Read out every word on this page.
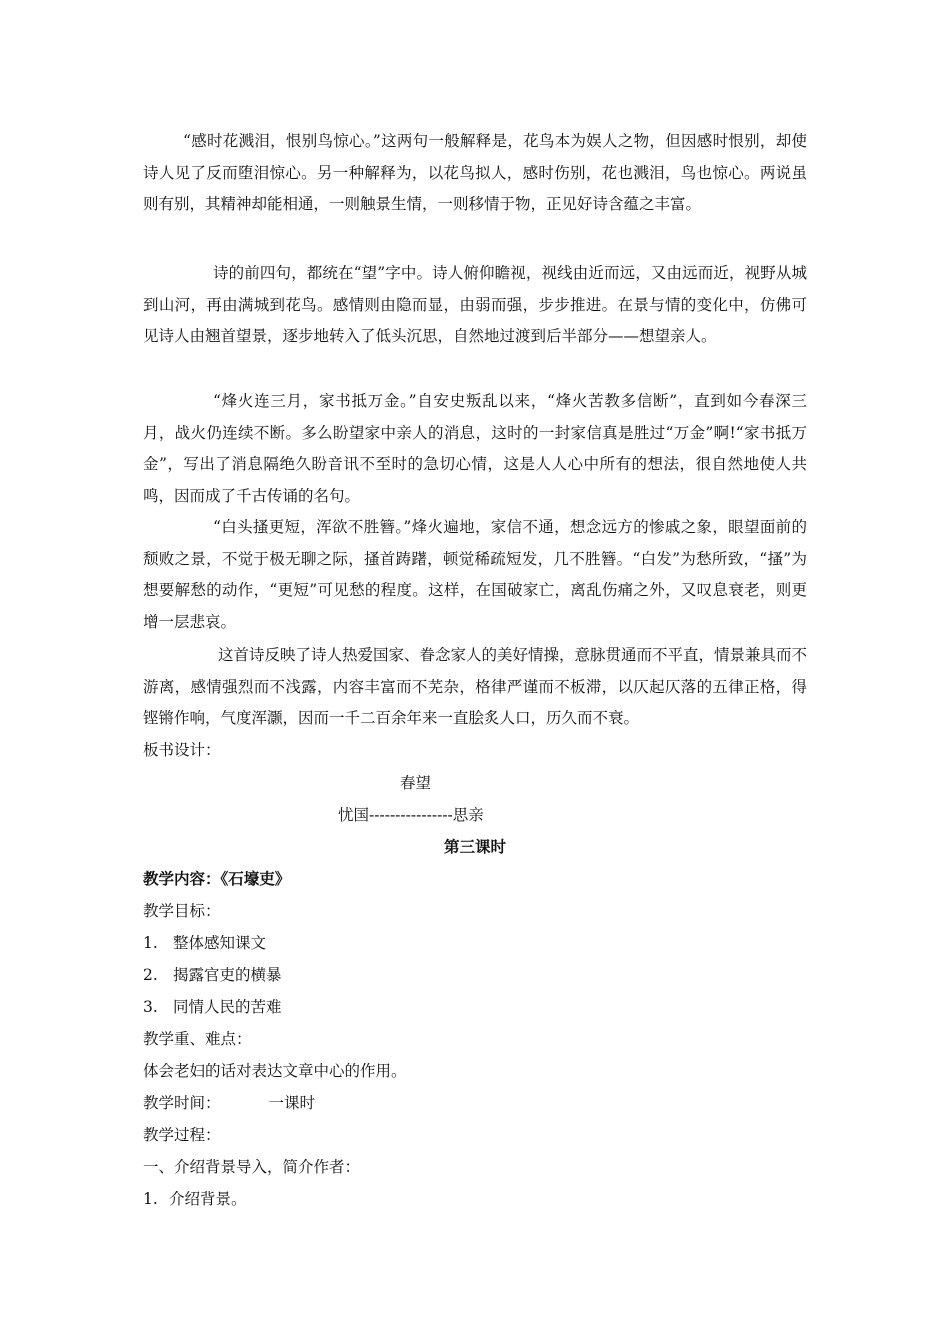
“感时花溅泪，恨别鸟惊心。”这两句一般解释是，花鸟本为娱人之物，但因感时恨别，却使诗人见了反而堕泪惊心。另一种解释为，以花鸟拟人，感时伤别，花也溅泪，鸟也惊心。两说虽则有别，其精神却能相通，一则触景生情，一则移情于物，正见好诗含蕴之丰富。

诗的前四句，都统在“望”字中。诗人俯仰瞻视，视线由近而远，又由远而近，视野从城到山河，再由满城到花鸟。感情则由隐而显，由弱而强，步步推进。在景与情的变化中，仿佛可见诗人由翘首望景，逐步地转入了低头沉思，自然地过渡到后半部分——想望亲人。

“烽火连三月，家书抵万金。”自安史叛乱以来，“烽火苦教多信断”，直到如今春深三月，战火仍连续不断。多么盼望家中亲人的消息，这时的一封家信真是胜过“万金”啊!“家书抵万金”，写出了消息隔绝久盼音讯不至时的急切心情，这是人人心中所有的想法，很自然地使人共鸣，因而成了千古传诵的名句。

“白头搔更短，浑欲不胜簪。”烽火遍地，家信不通，想念远方的惨戚之象，眼望面前的颓败之景，不觉于极无聊之际，搔首踌躇，顿觉稀疏短发，几不胜簪。“白发”为愁所致，“搔”为想要解愁的动作，“更短”可见愁的程度。这样，在国破家亡，离乱伤痛之外，又叹息衰老，则更增一层悲哀。

这首诗反映了诗人热爱国家、眷念家人的美好情操，意脉贯通而不平直，情景兼具而不游离，感情强烈而不浅露，内容丰富而不芜杂，格律严谨而不板滞，以仄起仄落的五律正格，得铿锵作响，气度浑灏，因而一千二百余年来一直脍炙人口，历久而不衰。

板书设计：
春望
忧国----------------思亲
第三课时
教学内容：《石壕吏》
教学目标：
1. 整体感知课文
2. 揭露官吏的横暴
3. 同情人民的苦难
教学重、难点：
体会老妇的话对表达文章中心的作用。
教学时间：	一课时
教学过程：
一、介绍背景导入，简介作者：
1. 介绍背景。
